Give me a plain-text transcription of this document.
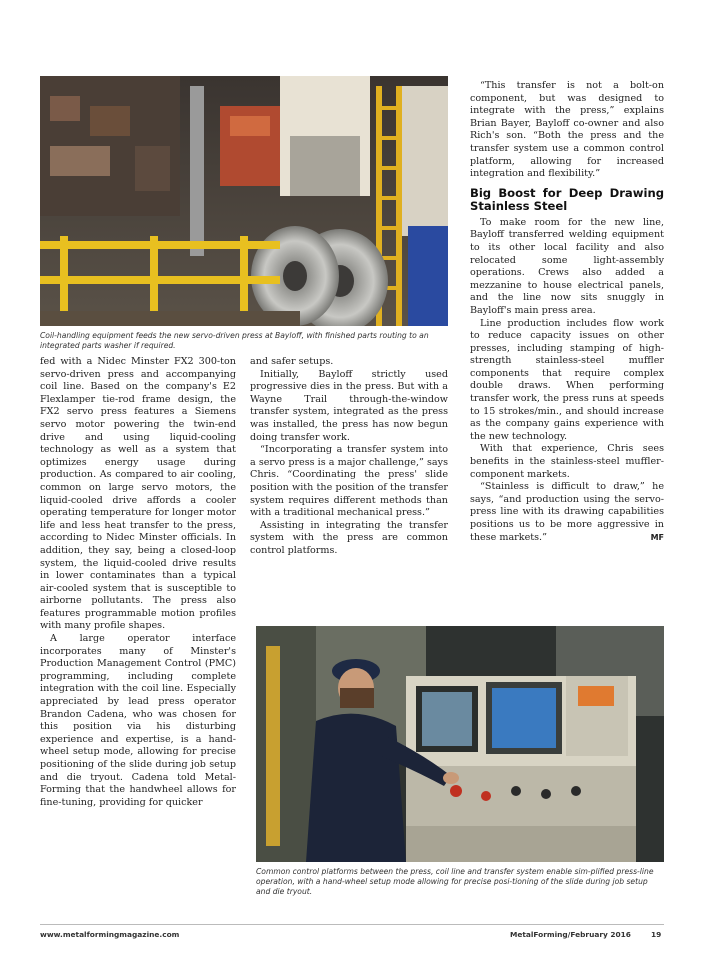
Coil-handling equipment feeds the new servo-driven press at Bayloff, with finished parts routing to an integrated parts washer if required.

fed with a Nidec Minster FX2 300-ton servo-driven press and accompanying coil line. Based on the company's E2 Flexlamper tie-rod frame design, the FX2 servo press features a Siemens servo motor powering the twin-end drive and using liquid-cooling technology as well as a system that optimizes energy usage during production. As compared to air cooling, common on large servo motors, the liquid-cooled drive affords a cooler operating temperature for longer motor life and less heat transfer to the press, according to Nidec Minster officials. In addition, they say, being a closed-loop system, the liquid-cooled drive results in lower contaminates than a typical air-cooled system that is susceptible to airborne pollutants. The press also features programmable motion profiles with many profile shapes.

A large operator interface incorporates many of Minster's Production Management Control (PMC) programming, including complete integration with the coil line. Especially appreciated by lead press operator Brandon Cadena, who was chosen for this position via his disturbing experience and expertise, is a hand-wheel setup mode, allowing for precise positioning of the slide during job setup and die tryout. Cadena told Metal-Forming that the handwheel allows for fine-tuning, providing for quicker

and safer setups.

Initially, Bayloff strictly used progressive dies in the press. But with a Wayne Trail through-the-window transfer system, integrated as the press was installed, the press has now begun doing transfer work.

“Incorporating a transfer system into a servo press is a major challenge,” says Chris. “Coordinating the press' slide position with the position of the transfer system requires different methods than with a traditional mechanical press.”

Assisting in integrating the transfer system with the press are common control platforms.

“This transfer is not a bolt-on component, but was designed to integrate with the press,” explains Brian Bayer, Bayloff co-owner and also Rich's son. “Both the press and the transfer system use a common control platform, allowing for increased integration and flexibility.”

Big Boost for Deep Drawing Stainless Steel

To make room for the new line, Bayloff transferred welding equipment to its other local facility and also relocated some light-assembly operations. Crews also added a mezzanine to house electrical panels, and the line now sits snuggly in Bayloff's main press area.

Line production includes flow work to reduce capacity issues on other presses, including stamping of high-strength stainless-steel muffler components that require complex double draws. When performing transfer work, the press runs at speeds to 15 strokes/min., and should increase as the company gains experience with the new technology.

With that experience, Chris sees benefits in the stainless-steel muffler-component markets.

“Stainless is difficult to draw,” he says, “and production using the servo-press line with its drawing capabilities positions us to be more aggressive in these markets.”	MF

Common control platforms between the press, coil line and transfer system enable sim-plified press-line operation, with a hand-wheel setup mode allowing for precise posi-tioning of the slide during job setup and die tryout.
www.metalformingmagazine.com	MetalForming/February 2016	19
